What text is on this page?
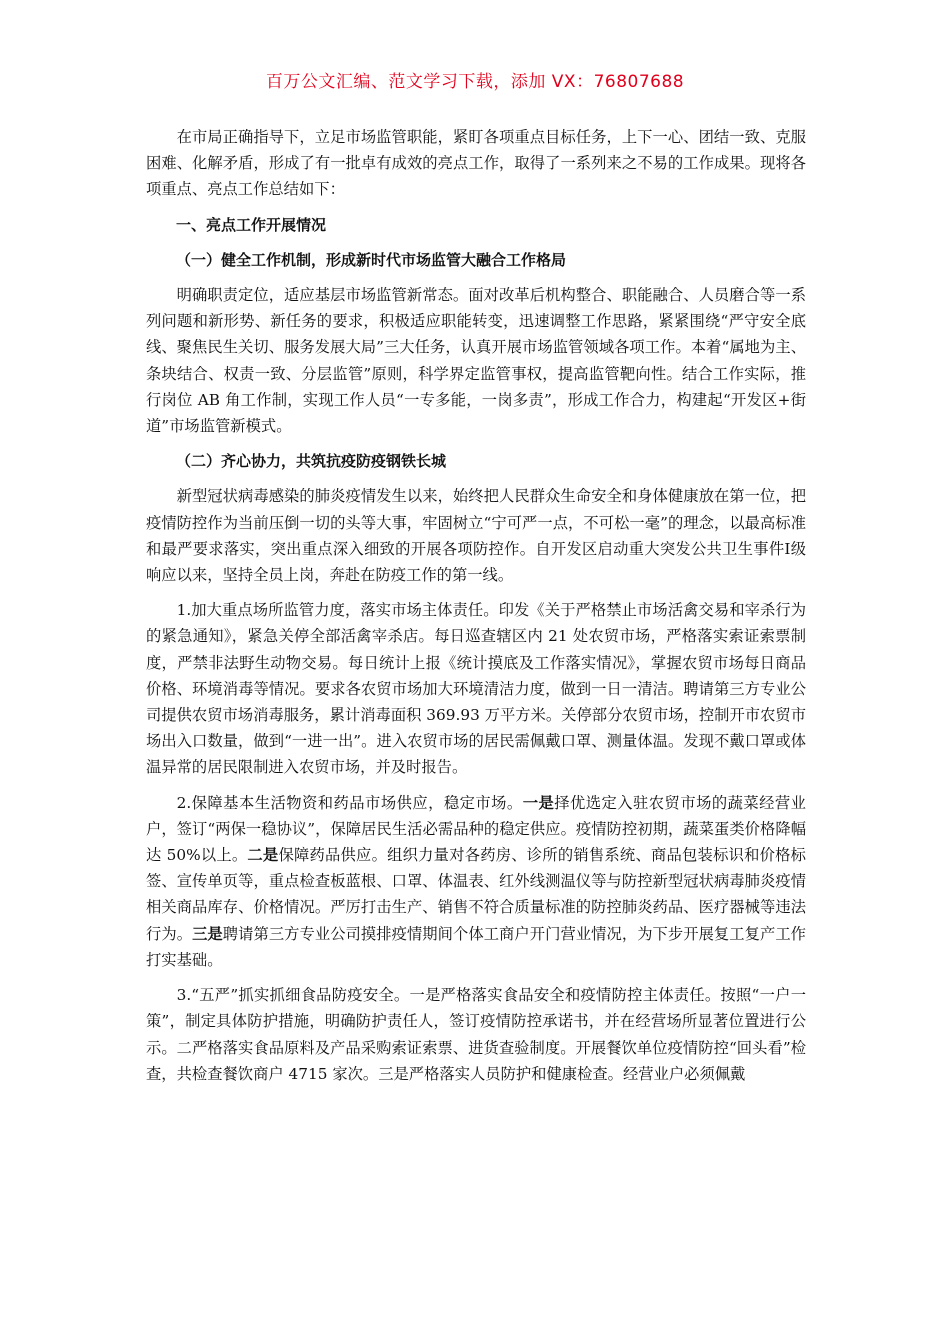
百万公文汇编、范文学习下载，添加 VX：76807688

在市局正确指导下，立足市场监管职能，紧盯各项重点目标任务，上下一心、团结一致、克服困难、化解矛盾，形成了有一批卓有成效的亮点工作，取得了一系列来之不易的工作成果。现将各项重点、亮点工作总结如下：

一、亮点工作开展情况

（一）健全工作机制，形成新时代市场监管大融合工作格局

明确职责定位，适应基层市场监管新常态。面对改革后机构整合、职能融合、人员磨合等一系列问题和新形势、新任务的要求，积极适应职能转变，迅速调整工作思路，紧紧围绕“严守安全底线、聚焦民生关切、服务发展大局”三大任务，认真开展市场监管领域各项工作。本着“属地为主、条块结合、权责一致、分层监管”原则，科学界定监管事权，提高监管靶向性。结合工作实际，推行岗位 AB 角工作制，实现工作人员“一专多能，一岗多责”，形成工作合力，构建起“开发区+街道”市场监管新模式。

（二）齐心协力，共筑抗疫防疫钢铁长城

新型冠状病毒感染的肺炎疫情发生以来，始终把人民群众生命安全和身体健康放在第一位，把疫情防控作为当前压倒一切的头等大事，牢固树立“宁可严一点，不可松一毫”的理念，以最高标准和最严要求落实，突出重点深入细致的开展各项防控作。自开发区启动重大突发公共卫生事件Ⅰ级响应以来，坚持全员上岗，奔赴在防疫工作的第一线。

1.加大重点场所监管力度，落实市场主体责任。印发《关于严格禁止市场活禽交易和宰杀行为的紧急通知》，紧急关停全部活禽宰杀店。每日巡查辖区内 21 处农贸市场，严格落实索证索票制度，严禁非法野生动物交易。每日统计上报《统计摸底及工作落实情况》，掌握农贸市场每日商品价格、环境消毒等情况。要求各农贸市场加大环境清洁力度，做到一日一清洁。聘请第三方专业公司提供农贸市场消毒服务，累计消毒面积 369.93 万平方米。关停部分农贸市场，控制开市农贸市场出入口数量，做到“一进一出”。进入农贸市场的居民需佩戴口罩、测量体温。发现不戴口罩或体温异常的居民限制进入农贸市场，并及时报告。

2.保障基本生活物资和药品市场供应，稳定市场。一是择优选定入驻农贸市场的蔬菜经营业户，签订“两保一稳协议”，保障居民生活必需品种的稳定供应。疫情防控初期，蔬菜蛋类价格降幅达 50%以上。二是保障药品供应。组织力量对各药房、诊所的销售系统、商品包装标识和价格标签、宣传单页等，重点检查板蓝根、口罩、体温表、红外线测温仪等与防控新型冠状病毒肺炎疫情相关商品库存、价格情况。严厉打击生产、销售不符合质量标准的防控肺炎药品、医疗器械等违法行为。三是聘请第三方专业公司摸排疫情期间个体工商户开门营业情况，为下步开展复工复产工作打实基础。

3.“五严”抓实抓细食品防疫安全。一是严格落实食品安全和疫情防控主体责任。按照“一户一策”，制定具体防护措施，明确防护责任人，签订疫情防控承诺书，并在经营场所显著位置进行公示。二严格落实食品原料及产品采购索证索票、进货查验制度。开展餐饮单位疫情防控“回头看”检查，共检查餐饮商户 4715 家次。三是严格落实人员防护和健康检查。经营业户必须佩戴
